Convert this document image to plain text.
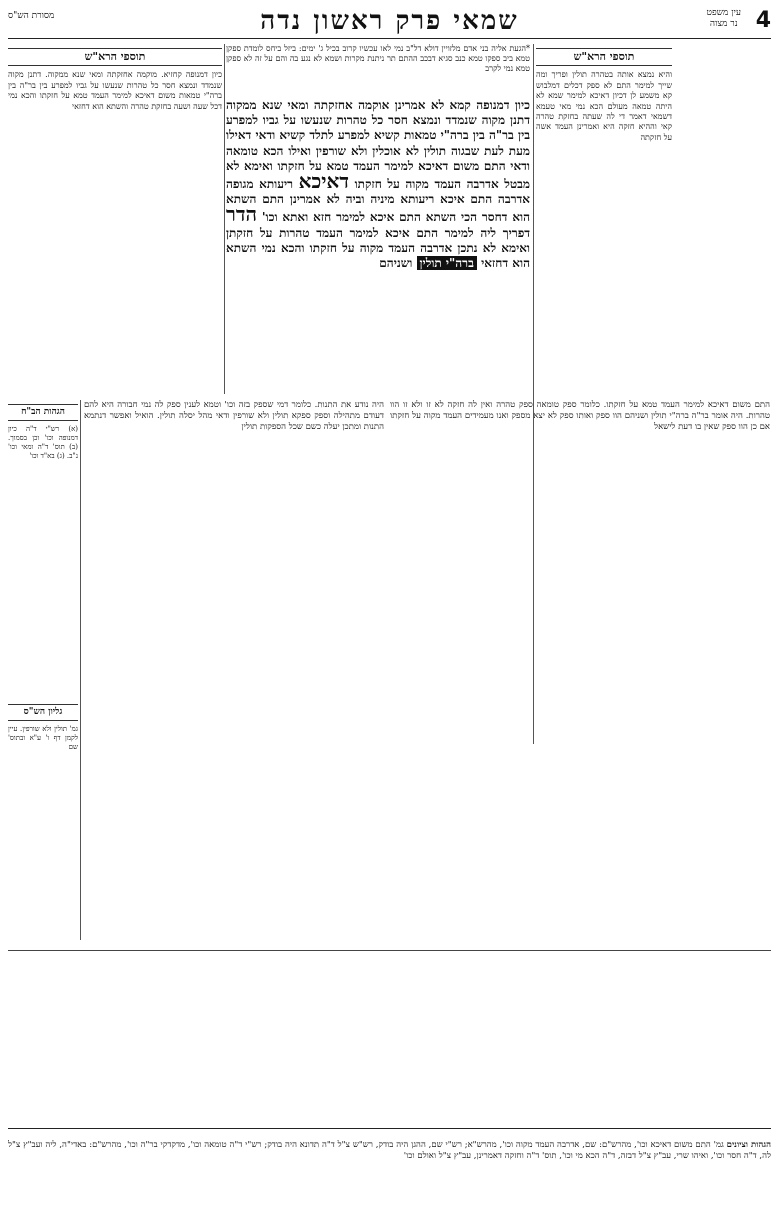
4
עין משפט
נר מצוה
שמאי פרק ראשון נדה
מסורת הש"ס
*הגעת אליה בני אדם מלזויין דולא דל"ב נמי לאו עכשיו קרוב בכיל ג' ימים: ביזל ביחס לומדת ספקן טמא ביב ספקו טמא כנב סגיא דבכב ההתם תר ניתנת מקרות ושמא לא נגע בה והם על זה לא ספקן טמא נמי לקרב
כיון דמנופה קמא לא אמרינן אוקמה אחזקתה ומאי שנא ממקוה דתנן מקוה שנמדד ונמצא חסר כל טהרות שנעשו על גביו למפרע בין בר"ה בין ברה"י טמאות קשיא למפרע לתלד קשיא ודאי דאילו מעת לעת שבגוה תולין לא אוכלין ולא שורפין ואילו הכא טומאה ודאי התם משום דאיכא למימר העמד טמא על חזקתו ואימא לא מבטל אדרבה העמד מקוה על חזקתו דאיכא ריעותא מגופה אדרבה התם איכא ריעותא מיניה וביה לא אמרינן התם השתא הוא דחסר הכי השתא התם איכא למימר חזא ואתא וכו' הדר דפריך ליה למימר התם איכא למימר העמד טהרות על חזקתן ואימא לא נתכן אדרבה העמד מקוה על חזקתו והכא נמי השתא הוא דחזאי ברה"י תולין ושניהם
תוספי הרא"ש
והיא נמצא אותה בטהרה תולין ופריך ומה שייך למימר התם לא ספק דכלים דמלבוש קא משמע לן דכיון דאיכא למימר שמא לא היתה טמאה מעולם הכא נמי מאי טעמא דשמאי דאמר די לה שעתה בחזקת טהרה קאי וההיא חזקה היא ואמרינן העמד אשה על חזקתה
תוספי הרא"ש
כיון דמנופה קחזיא. מוקמה אחזקתה ומאי שנא ממקוה. דתנן מקוה שנמדד ונמצא חסר כל טהרות שנעשו על גביו למפרע בין בר"ה בין ברה"י טמאות משום דאיכא למימר העמד טמא על חזקתו והכא נמי דכל שעה ושעה בחזקת טהרה והשתא הוא דחזאי
הגהות הב"ח
(א) רש"י ד"ה כיון דמנופה וכו' וכן בסמוך. (ב) תוס' ד"ה ומאי וכו' נ"ב. (ג) בא"ד וכו'
גליון הש"ס
גמ' תולין ולא שורפין. עיין לקמן דף ו' ע"א ובתוס' שם
היה נודע את התנות. כלומר דמי שספק בזה וכו' וטמא לענין ספק לה נמי חבורה היא להם דעודם מתהילה וספק ספקא תולין ולא שורפין ודאי מהל יסלה תולין. הואיל ואפשר דנתמא התנות ומתכן יעלה כשם שכל הספקות תולין
התם משום דאיכא למימר העמד טמא על חזקתו. כלומר ספק טומאה ספק טהרה ואין לה חזקה לא זו ולא זו הוו טהרות. היה אומר בר"ה ברה"י תולין ושניהם הוו ספק ואותו ספק לא יצא מספק ואנו מעמידים העמד מקוה על חזקתו אם כן הוו ספק שאין בו דעת לישאל
הגהות וציונים גמ' התם משום דאיכא וכו', מהרש"ם: שם, אדרבה העמד מקוה וכו', מהרש"א; רש"י שם, ההגן היה בודק, רש"ש צ"ל ד"ה תדונא היה בודק; רש"י ד"ה טומאה וכו', מדקדקי בר"ה וכו', מהרש"ם: באדי"ה, ליה ועב"ץ צ"ל לה, ד"ה חסר וכו', ואיהו שרי, עב"ץ צ"ל דבזה, ד"ה הכא מי וכו', תוס' ד"ה וחזקה דאמרינן, עב"ץ צ"ל ואולם וכו'
